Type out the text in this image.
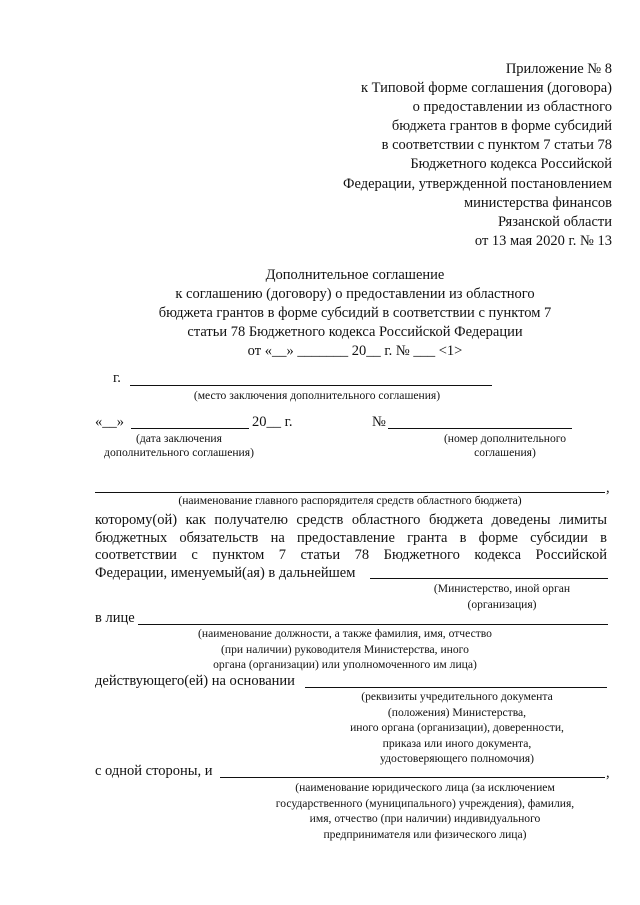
Приложение № 8
к Типовой форме соглашения (договора)
о предоставлении из областного
бюджета грантов в форме субсидий
в соответствии с пунктом 7 статьи 78
Бюджетного кодекса Российской
Федерации, утвержденной постановлением
министерства финансов
Рязанской области
от 13 мая 2020 г. № 13
Дополнительное соглашение
к соглашению (договору) о предоставлении из областного
бюджета грантов в форме субсидий в соответствии с пунктом 7
статьи 78 Бюджетного кодекса Российской Федерации
от «__» _______ 20__ г. № ___ <1>
г.
(место заключения дополнительного соглашения)
«__»	20__ г.
(дата заключения
дополнительного соглашения)
№
(номер дополнительного
соглашения)
,
(наименование главного распорядителя средств областного бюджета)
которому(ой) как получателю средств областного бюджета доведены лимиты
бюджетных обязательств на предоставление гранта в форме субсидии в
соответствии с пунктом 7 статьи 78 Бюджетного кодекса Российской
Федерации, именуемый(ая) в дальнейшем
(Министерство, иной орган
(организация)
в лице
(наименование должности, а также фамилия, имя, отчество
(при наличии) руководителя Министерства, иного
органа (организации) или уполномоченного им лица)
действующего(ей) на основании
(реквизиты учредительного документа
(положения) Министерства,
иного органа (организации), доверенности,
приказа или иного документа,
удостоверяющего полномочия)
с одной стороны, и	,
(наименование юридического лица (за исключением
государственного (муниципального) учреждения), фамилия,
имя, отчество (при наличии) индивидуального
предпринимателя или физического лица)
